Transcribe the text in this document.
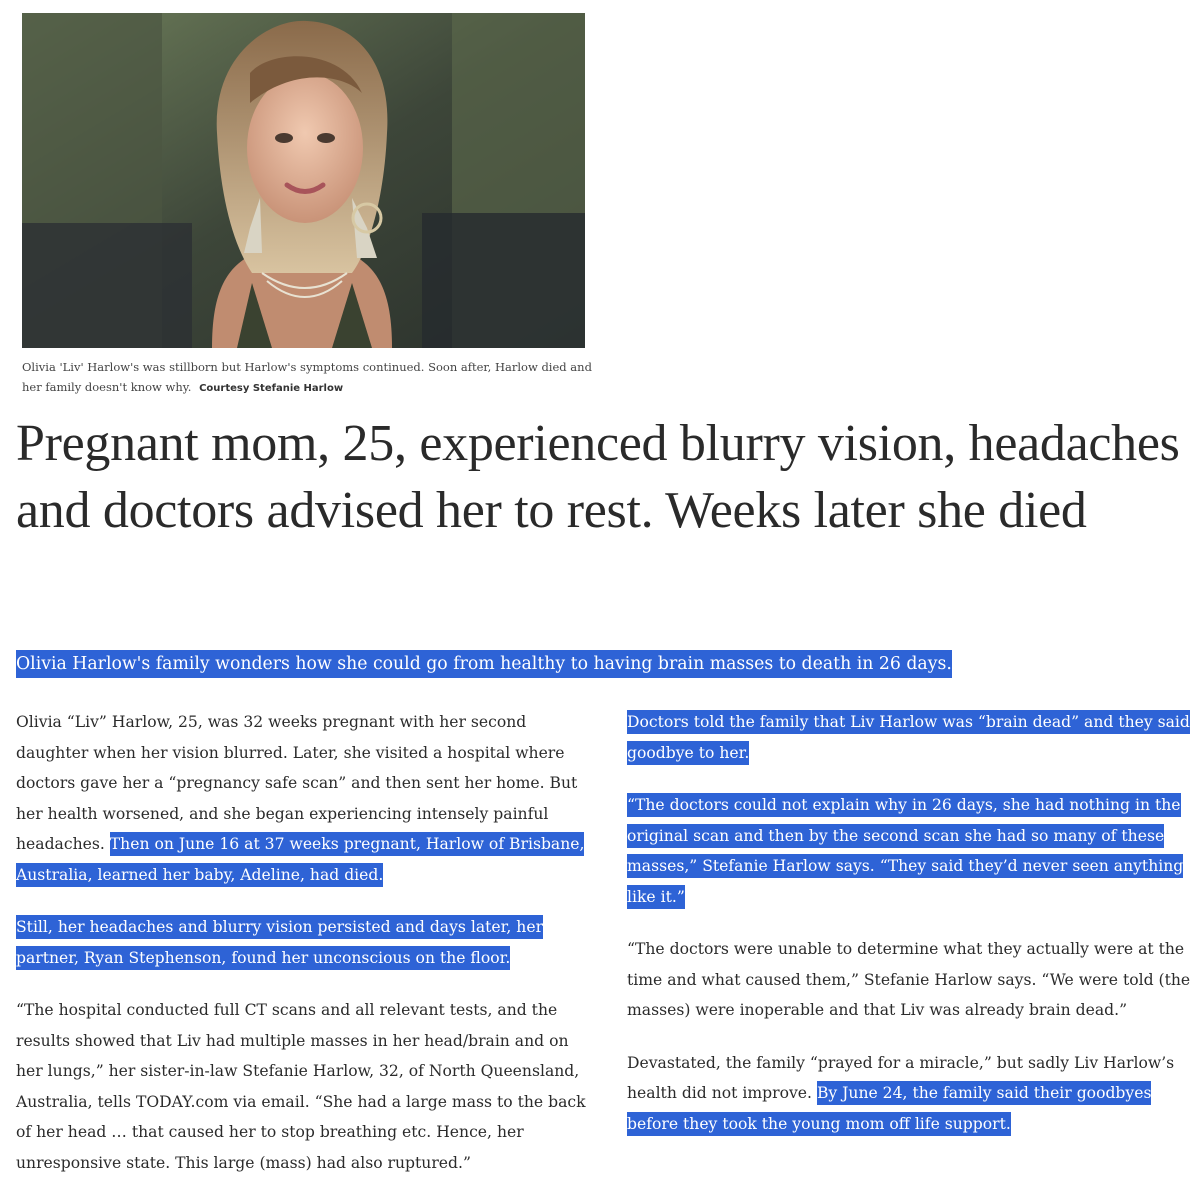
Olivia 'Liv' Harlow's was stillborn but Harlow's symptoms continued. Soon after, Harlow died and her family doesn't know why. Courtesy Stefanie Harlow
Pregnant mom, 25, experienced blurry vision, headaches and doctors advised her to rest. Weeks later she died

Olivia Harlow's family wonders how she could go from healthy to having brain masses to death in 26 days.

Olivia “Liv” Harlow, 25, was 32 weeks pregnant with her second daughter when her vision blurred. Later, she visited a hospital where doctors gave her a “pregnancy safe scan” and then sent her home. But her health worsened, and she began experiencing intensely painful headaches. Then on June 16 at 37 weeks pregnant, Harlow of Brisbane, Australia, learned her baby, Adeline, had died.

Still, her headaches and blurry vision persisted and days later, her partner, Ryan Stephenson, found her unconscious on the floor.

“The hospital conducted full CT scans and all relevant tests, and the results showed that Liv had multiple masses in her head/brain and on her lungs,” her sister-in-law Stefanie Harlow, 32, of North Queensland, Australia, tells TODAY.com via email. “She had a large mass to the back of her head … that caused her to stop breathing etc. Hence, her unresponsive state. This large (mass) had also ruptured.”

Doctors told the family that Liv Harlow was “brain dead” and they said goodbye to her.

“The doctors could not explain why in 26 days, she had nothing in the original scan and then by the second scan she had so many of these masses,” Stefanie Harlow says. “They said they’d never seen anything like it.”

“The doctors were unable to determine what they actually were at the time and what caused them,” Stefanie Harlow says. “We were told (the masses) were inoperable and that Liv was already brain dead.”

Devastated, the family “prayed for a miracle,” but sadly Liv Harlow’s health did not improve. By June 24, the family said their goodbyes before they took the young mom off life support.
